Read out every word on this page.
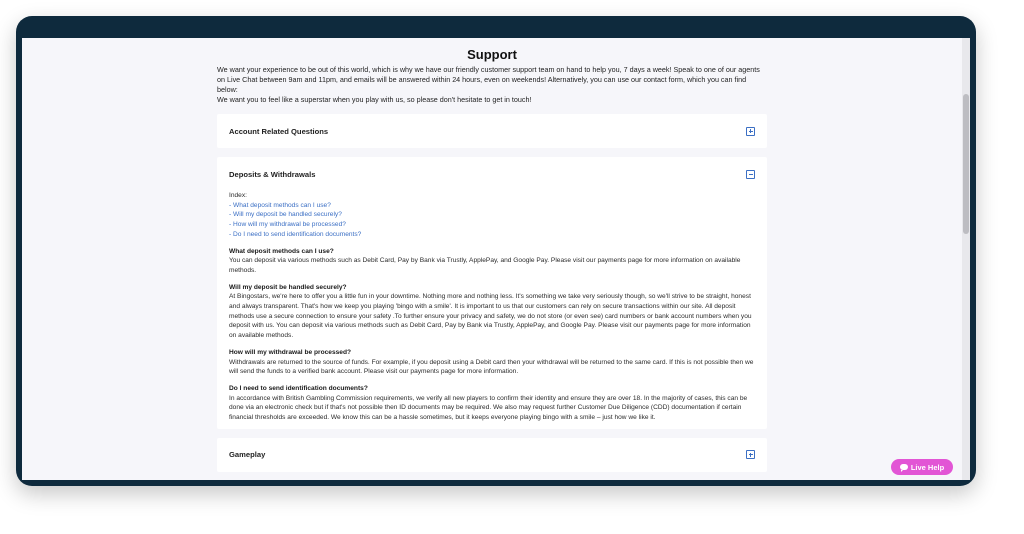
Support

We want your experience to be out of this world, which is why we have our friendly customer support team on hand to help you, 7 days a week! Speak to one of our agents on Live Chat between 9am and 11pm, and emails will be answered within 24 hours, even on weekends! Alternatively, you can use our contact form, which you can find below:

We want you to feel like a superstar when you play with us, so please don't hesitate to get in touch!

Account Related Questions
Deposits & Withdrawals

Index:

- What deposit methods can I use?
- Will my deposit be handled securely?
- How will my withdrawal be processed?
- Do I need to send identification documents?

What deposit methods can I use?

You can deposit via various methods such as Debit Card, Pay by Bank via Trustly, ApplePay, and Google Pay. Please visit our payments page for more information on available methods.

Will my deposit be handled securely?

At Bingostars, we're here to offer you a little fun in your downtime. Nothing more and nothing less. It's something we take very seriously though, so we'll strive to be straight, honest and always transparent. That's how we keep you playing 'bingo with a smile'. It is important to us that our customers can rely on secure transactions within our site. All deposit methods use a secure connection to ensure your safety .To further ensure your privacy and safety, we do not store (or even see) card numbers or bank account numbers when you deposit with us. You can deposit via various methods such as Debit Card, Pay by Bank via Trustly, ApplePay, and Google Pay. Please visit our payments page for more information on available methods.

How will my withdrawal be processed?

Withdrawals are returned to the source of funds. For example, if you deposit using a Debit card then your withdrawal will be returned to the same card. If this is not possible then we will send the funds to a verified bank account. Please visit our payments page for more information.

Do I need to send identification documents?

In accordance with British Gambling Commission requirements, we verify all new players to confirm their identity and ensure they are over 18. In the majority of cases, this can be done via an electronic check but if that's not possible then ID documents may be required. We also may request further Customer Due Diligence (CDD) documentation if certain financial thresholds are exceeded. We know this can be a hassle sometimes, but it keeps everyone playing bingo with a smile – just how we like it.

Gameplay
Live Help
